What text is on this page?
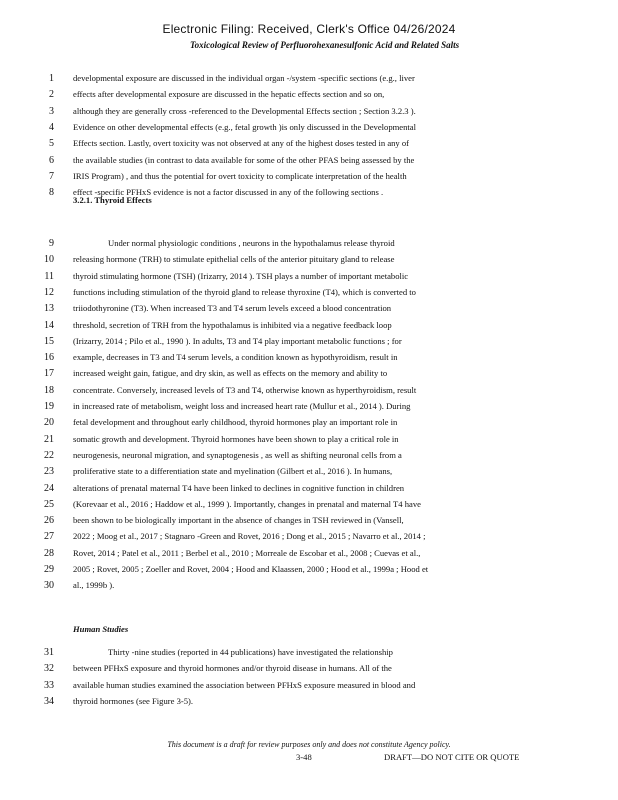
Electronic Filing: Received, Clerk's Office 04/26/2024
Toxicological Review of Perfluorohexanesulfonic Acid and Related Salts
1 developmental exposure are discussed in the individual organ -/system -specific sections (e.g., liver
2 effects after developmental exposure are discussed in the hepatic effects section and so on,
3 although they are generally cross -referenced to the Developmental Effects section ; Section 3.2.3 ).
4 Evidence on other developmental effects (e.g., fetal growth )is only discussed in the Developmental
5 Effects section. Lastly, overt toxicity was not observed at any of the highest doses tested in any of
6 the available studies (in contrast to data available for some of the other PFAS being assessed by the
7 IRIS Program) , and thus the potential for overt toxicity to complicate interpretation of the health
8 effect -specific PFHxS evidence is not a factor discussed in any of the following sections .
3.2.1. Thyroid Effects
9	Under normal physiologic conditions , neurons in the hypothalamus release thyroid
10 releasing hormone (TRH) to stimulate epithelial cells of the anterior pituitary gland to release
11 thyroid stimulating hormone (TSH) (Irizarry, 2014 ). TSH plays a number of important metabolic
12 functions including stimulation of the thyroid gland to release thyroxine (T4), which is converted to
13 triiodothyronine (T3). When increased T3 and T4 serum levels exceed a blood concentration
14 threshold, secretion of TRH from the hypothalamus is inhibited via a negative feedback loop
15 (Irizarry, 2014 ; Pilo et al., 1990 ). In adults, T3 and T4 play important metabolic functions ; for
16 example, decreases in T3 and T4 serum levels, a condition known as hypothyroidism, result in
17 increased weight gain, fatigue, and dry skin, as well as effects on the memory and ability to
18 concentrate. Conversely, increased levels of T3 and T4, otherwise known as hyperthyroidism, result
19 in increased rate of metabolism, weight loss and increased heart rate (Mullur et al., 2014 ). During
20 fetal development and throughout early childhood, thyroid hormones play an important role in
21 somatic growth and development. Thyroid hormones have been shown to play a critical role in
22 neurogenesis, neuronal migration, and synaptogenesis , as well as shifting neuronal cells from a
23 proliferative state to a differentiation state and myelination (Gilbert et al., 2016 ). In humans,
24 alterations of prenatal maternal T4 have been linked to declines in cognitive function in children
25 (Korevaar et al., 2016 ; Haddow et al., 1999 ). Importantly, changes in prenatal and maternal T4 have
26 been shown to be biologically important in the absence of changes in TSH reviewed in (Vansell,
27 2022 ; Moog et al., 2017 ; Stagnaro -Green and Rovet, 2016 ; Dong et al., 2015 ; Navarro et al., 2014 ;
28 Rovet, 2014 ; Patel et al., 2011 ; Berbel et al., 2010 ; Morreale de Escobar et al., 2008 ; Cuevas et al.,
29 2005 ; Rovet, 2005 ; Zoeller and Rovet, 2004 ; Hood and Klaassen, 2000 ; Hood et al., 1999a ; Hood et
30 al., 1999b ).
Human Studies
31	Thirty -nine studies (reported in 44 publications) have investigated the relationship
32 between PFHxS exposure and thyroid hormones and/or thyroid disease in humans. All of the
33 available human studies examined the association between PFHxS exposure measured in blood and
34 thyroid hormones (see Figure 3-5).
This document is a draft for review purposes only and does not constitute Agency policy.
3-48	DRAFT—DO NOT CITE OR QUOTE
